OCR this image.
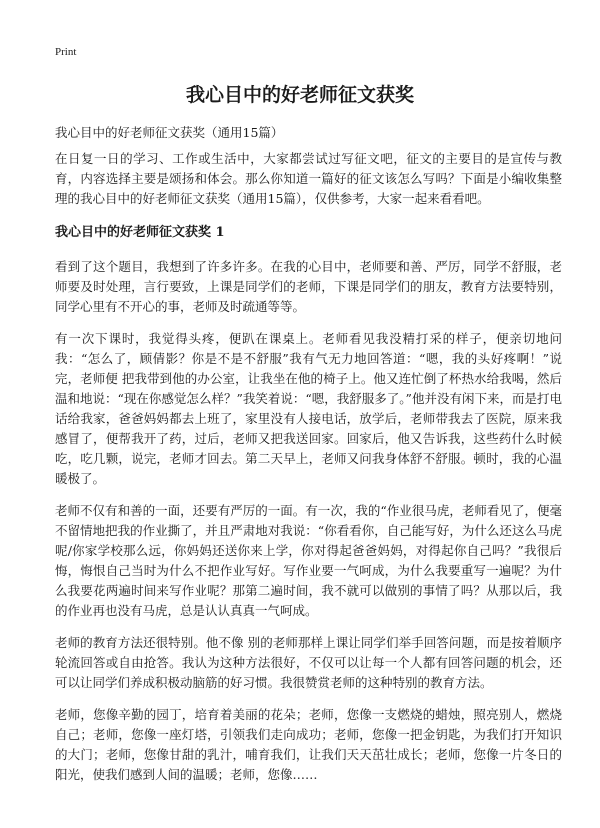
Print
我心目中的好老师征文获奖

我心目中的好老师征文获奖（通用15篇）

在日复一日的学习、工作或生活中，大家都尝试过写征文吧，征文的主要目的是宣传与教育，内容选择主要是颂扬和体会。那么你知道一篇好的征文该怎么写吗？下面是小编收集整理的我心目中的好老师征文获奖（通用15篇），仅供参考，大家一起来看看吧。

我心目中的好老师征文获奖 1

看到了这个题目，我想到了许多许多。在我的心目中，老师要和善、严厉，同学不舒服，老师要及时处理，言行要致，上课是同学们的老师，下课是同学们的朋友，教育方法要特别，同学心里有不开心的事，老师及时疏通等等。

有一次下课时，我觉得头疼，便趴在课桌上。老师看见我没精打采的样子，便亲切地问我：“怎么了，顾倩影？你是不是不舒服”我有气无力地回答道：“嗯，我的头好疼啊！”说完，老师便 把我带到他的办公室，让我坐在他的椅子上。他又连忙倒了杯热水给我喝，然后温和地说：“现在你感觉怎么样？”我笑着说：“嗯，我舒服多了。”他并没有闲下来，而是打电话给我家，爸爸妈妈都去上班了，家里没有人接电话，放学后，老师带我去了医院，原来我感冒了，便帮我开了药，过后，老师又把我送回家。回家后，他又告诉我，这些药什么时候吃，吃几颗，说完，老师才回去。第二天早上，老师又问我身体舒不舒服。顿时，我的心温暖极了。

老师不仅有和善的一面，还要有严厉的一面。有一次，我的“作业很马虎，老师看见了，便毫不留情地把我的作业撕了，并且严肃地对我说：“你看看你，自己能写好，为什么还这么马虎呢/你家学校那么远，你妈妈还送你来上学，你对得起爸爸妈妈，对得起你自己吗？”我很后悔，悔恨自己当时为什么不把作业写好。写作业要一气呵成，为什么我要重写一遍呢？为什么我要花两遍时间来写作业呢？那第二遍时间，我不就可以做别的事情了吗？从那以后，我的作业再也没有马虎，总是认认真真一气呵成。

老师的教育方法还很特别。他不像 别的老师那样上课让同学们举手回答问题，而是按着顺序轮流回答或自由抢答。我认为这种方法很好，不仅可以让每一个人都有回答问题的机会，还可以让同学们养成积极动脑筋的好习惯。我很赞赏老师的这种特别的教育方法。

老师，您像辛勤的园丁，培育着美丽的花朵；老师，您像一支燃烧的蜡烛，照亮别人，燃烧自己；老师，您像一座灯塔，引领我们走向成功；老师，您像一把金钥匙，为我们打开知识的大门；老师，您像甘甜的乳汁，哺育我们，让我们天天茁壮成长；老师，您像一片冬日的阳光，使我们感到人间的温暖；老师，您像……
